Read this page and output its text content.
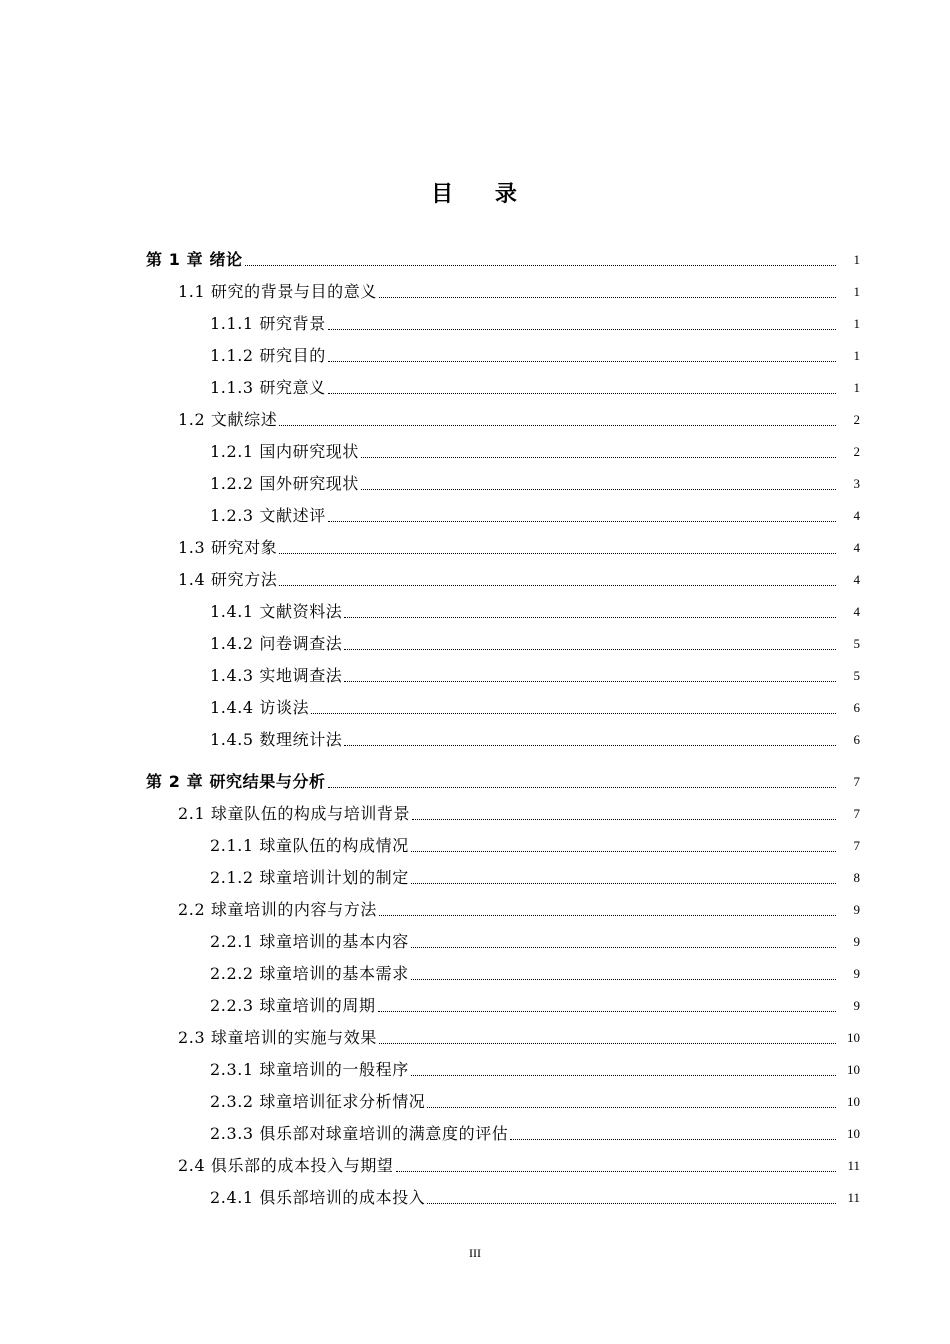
目 录
第 1 章 绪论	1
1.1 研究的背景与目的意义	1
1.1.1 研究背景	1
1.1.2 研究目的	1
1.1.3 研究意义	1
1.2 文献综述	2
1.2.1 国内研究现状	2
1.2.2 国外研究现状	3
1.2.3 文献述评	4
1.3 研究对象	4
1.4 研究方法	4
1.4.1 文献资料法	4
1.4.2 问卷调查法	5
1.4.3 实地调查法	5
1.4.4 访谈法	6
1.4.5 数理统计法	6
第 2 章 研究结果与分析	7
2.1 球童队伍的构成与培训背景	7
2.1.1 球童队伍的构成情况	7
2.1.2 球童培训计划的制定	8
2.2 球童培训的内容与方法	9
2.2.1 球童培训的基本内容	9
2.2.2 球童培训的基本需求	9
2.2.3 球童培训的周期	9
2.3 球童培训的实施与效果	10
2.3.1 球童培训的一般程序	10
2.3.2 球童培训征求分析情况	10
2.3.3 俱乐部对球童培训的满意度的评估	10
2.4 俱乐部的成本投入与期望	11
2.4.1 俱乐部培训的成本投入	11
III
